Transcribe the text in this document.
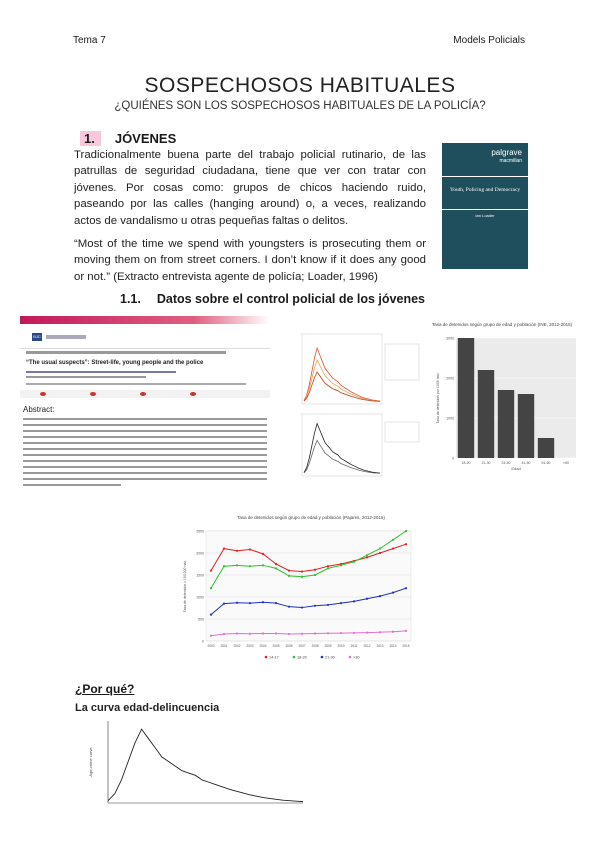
Tema 7	Models Policials
SOSPECHOSOS HABITUALES
¿QUIÉNES SON LOS SOSPECHOSOS HABITUALES DE LA POLICÍA?
1. JÓVENES
Tradicionalmente buena parte del trabajo policial rutinario, de las patrullas de seguridad ciudadana, tiene que ver con tratar con jóvenes. Por cosas como: grupos de chicos haciendo ruido, paseando por las calles (hanging around) o, a veces, realizando actos de vandalismo u otras pequeñas faltas o delitos.
“Most of the time we spend with youngsters is prosecuting them or moving them on from street corners. I don’t know if it does any good or not.” (Extracto entrevista agente de policía; Loader, 1996)
palgrave
macmillan
Youth, Policing and Democracy
Ian Loader
1.1. Datos sobre el control policial de los jóvenes
Criminology & Criminal Justice
BJC
“The usual suspects”: Street-life, young people and the police
Abstract:
Tasa de detenidos según grupo de edad y población (INE, 2012-2015)
0
1000
2000
3000
18-20	21-30	31-40	41-50	51-60	>60
Edad
Tasa de detenidos por 1000 hab.
Tasa de detenidos según grupo de edad y población (Pajares, 2012-2015)
0
500
1000
1500
2000
2500
2000 2001 2002 2003 2004 2005 2006 2007 2008 2009 2010 2011 2012 2013 2014 2015
Tasa de detenidos x 100.000 hab.
14-17	18-20	21-30	>30
¿Por qué?
La curva edad-delincuencia
Age-crime curve
